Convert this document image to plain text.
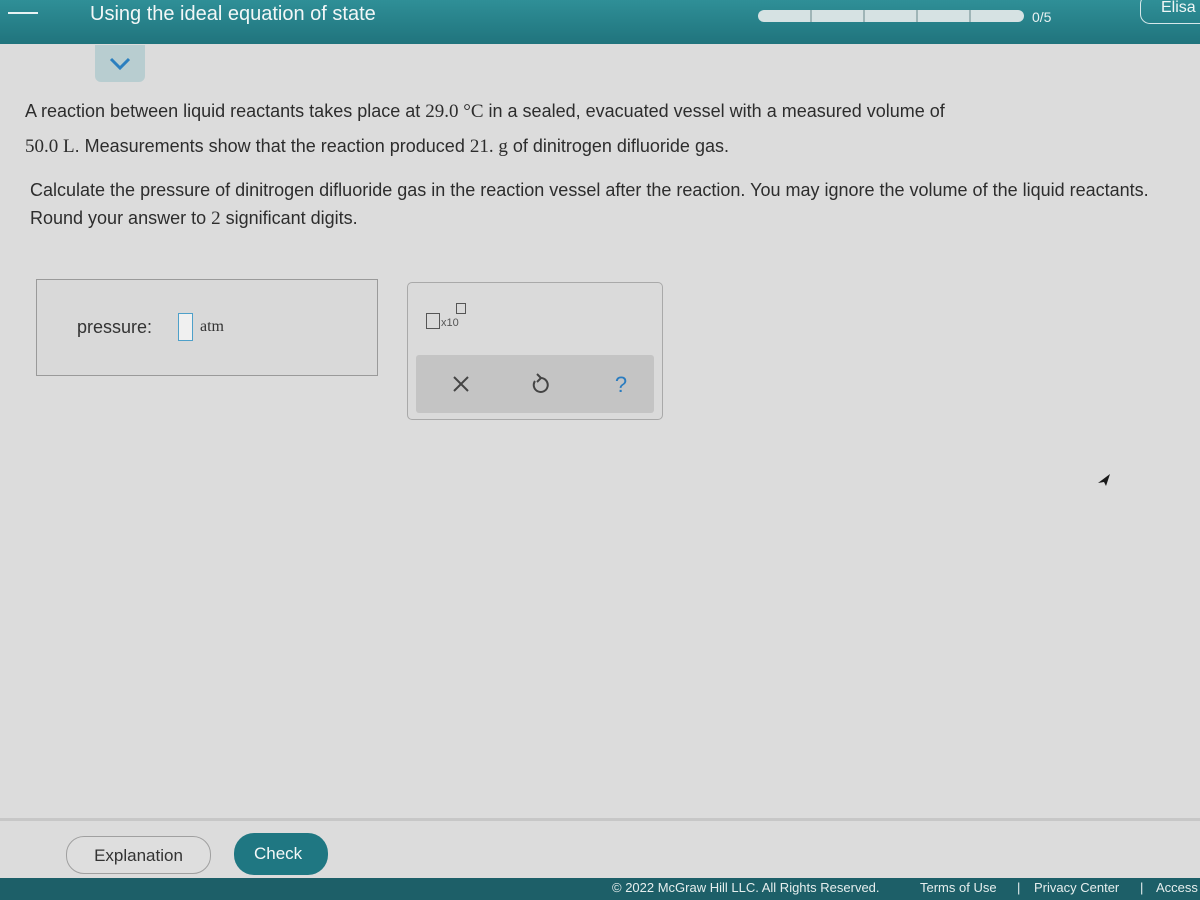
Using the ideal equation of state	0/5
Elisa
A reaction between liquid reactants takes place at 29.0 °C in a sealed, evacuated vessel with a measured volume of
50.0 L. Measurements show that the reaction produced 21. g of dinitrogen difluoride gas.
Calculate the pressure of dinitrogen difluoride gas in the reaction vessel after the reaction. You may ignore the volume of the liquid reactants. Round your answer to 2 significant digits.
pressure:	atm	x10
?
Explanation	Check
© 2022 McGraw Hill LLC. All Rights Reserved.	Terms of Use | Privacy Center | Access
